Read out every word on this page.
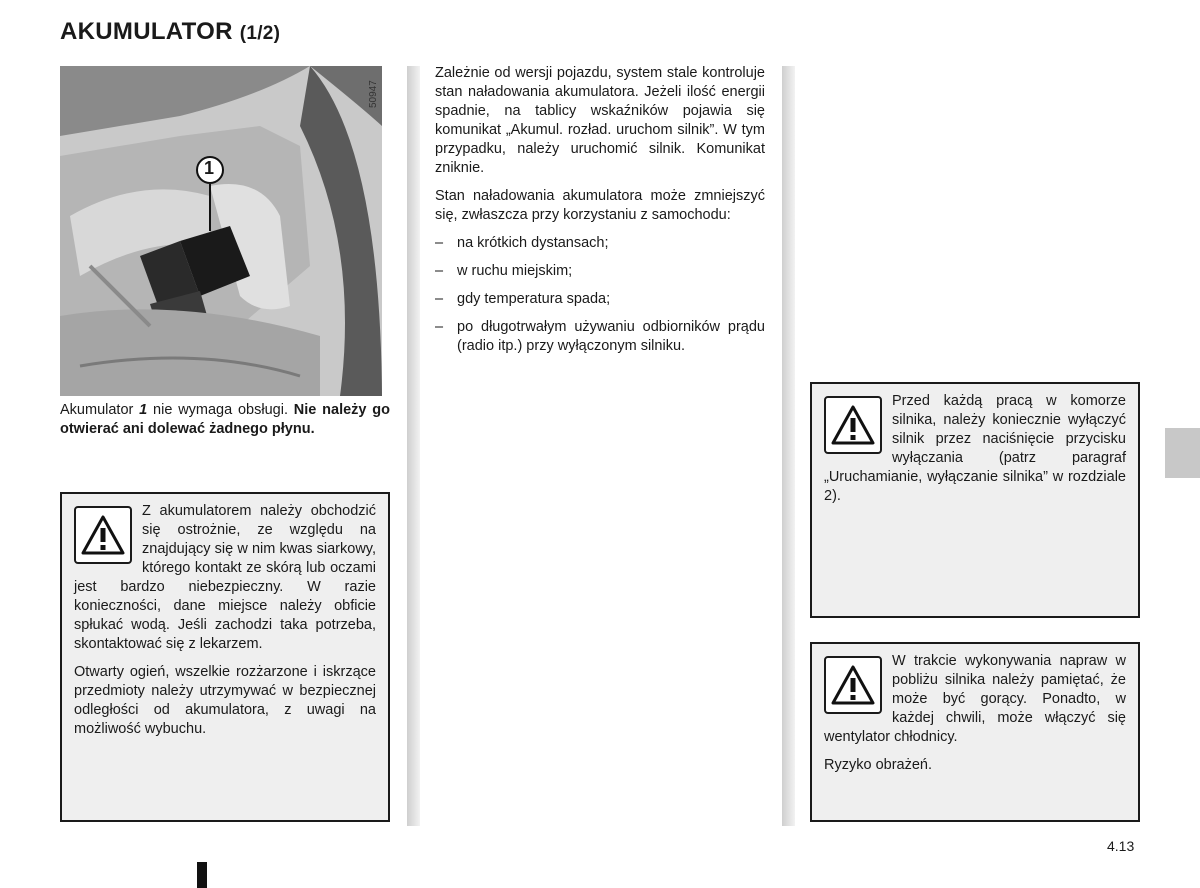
AKUMULATOR (1/2)
1
50947
Akumulator 1 nie wymaga obsługi. Nie należy go otwierać ani dolewać żadnego płynu.

Z akumulatorem należy obchodzić się ostrożnie, ze względu na znajdujący się w nim kwas siarkowy, którego kontakt ze skórą lub oczami jest bardzo niebezpieczny. W razie konieczności, dane miejsce należy obficie spłukać wodą. Jeśli zachodzi taka potrzeba, skontaktować się z lekarzem.

Otwarty ogień, wszelkie rozżarzone i iskrzące przedmioty należy utrzymywać w bezpiecznej odległości od akumulatora, z uwagi na możliwość wybuchu.

Zależnie od wersji pojazdu, system stale kontroluje stan naładowania akumulatora. Jeżeli ilość energii spadnie, na tablicy wskaźników pojawia się komunikat „Akumul. rozład. uruchom silnik”. W tym przypadku, należy uruchomić silnik. Komunikat zniknie.

Stan naładowania akumulatora może zmniejszyć się, zwłaszcza przy korzystaniu z samochodu:

– na krótkich dystansach;
– w ruchu miejskim;
– gdy temperatura spada;
– po długotrwałym używaniu odbiorników prądu (radio itp.) przy wyłączonym silniku.

Przed każdą pracą w komorze silnika, należy koniecznie wyłączyć silnik przez naciśnięcie przycisku wyłączania (patrz paragraf „Uruchamianie, wyłączanie silnika” w rozdziale 2).

W trakcie wykonywania napraw w pobliżu silnika należy pamiętać, że może być gorący. Ponadto, w każdej chwili, może włączyć się wentylator chłodnicy.

Ryzyko obrażeń.

4.13
